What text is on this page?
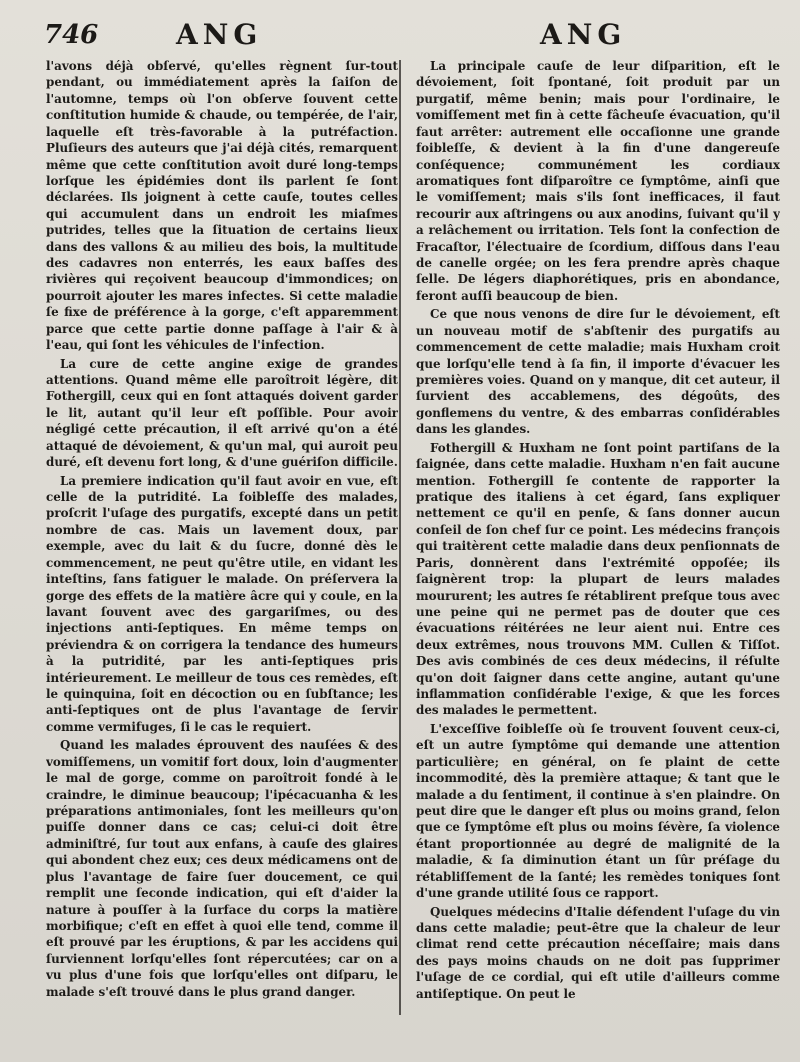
746	ANG	ANG

l'avons déjà obſervé, qu'elles règnent ſur-tout pendant, ou immédiatement après la ſaiſon de l'automne, temps où l'on obſerve ſouvent cette conſtitution humide & chaude, ou tempérée, de l'air, laquelle eſt très-favorable à la putréfaction. Pluſieurs des auteurs que j'ai déjà cités, remarquent même que cette conſtitution avoit duré long-temps lorſque les épidémies dont ils parlent ſe ſont déclarées. Ils joignent à cette cauſe, toutes celles qui accumulent dans un endroit les miaſmes putrides, telles que la ſituation de certains lieux dans des vallons & au milieu des bois, la multitude des cadavres non enterrés, les eaux baſſes des rivières qui reçoivent beaucoup d'immondices; on pourroit ajouter les mares infectes. Si cette maladie ſe fixe de préférence à la gorge, c'eſt apparemment parce que cette partie donne paſſage à l'air & à l'eau, qui ſont les véhicules de l'infection.

La cure de cette angine exige de grandes attentions. Quand même elle paroîtroit légère, dit Fothergill, ceux qui en ſont attaqués doivent garder le lit, autant qu'il leur eſt poſſible. Pour avoir négligé cette précaution, il eſt arrivé qu'on a été attaqué de dévoiement, & qu'un mal, qui auroit peu duré, eſt devenu fort long, & d'une guériſon difficile.

La premiere indication qu'il faut avoir en vue, eſt celle de la putridité. La foibleſſe des malades, proſcrit l'uſage des purgatifs, excepté dans un petit nombre de cas. Mais un lavement doux, par exemple, avec du lait & du ſucre, donné dès le commencement, ne peut qu'être utile, en vidant les inteſtins, ſans fatiguer le malade. On préſervera la gorge des effets de la matière âcre qui y coule, en la lavant ſouvent avec des gargariſmes, ou des injections anti-ſeptiques. En même temps on préviendra & on corrigera la tendance des humeurs à la putridité, par les anti-ſeptiques pris intérieurement. Le meilleur de tous ces remèdes, eſt le quinquina, ſoit en décoction ou en ſubſtance; les anti-ſeptiques ont de plus l'avantage de ſervir comme vermifuges, ſi le cas le requiert.

Quand les malades éprouvent des nauſées & des vomiſſemens, un vomitif fort doux, loin d'augmenter le mal de gorge, comme on paroîtroit fondé à le craindre, le diminue beaucoup; l'ipécacuanha & les préparations antimoniales, ſont les meilleurs qu'on puiſſe donner dans ce cas; celui-ci doit être adminiſtré, ſur tout aux enfans, à cauſe des glaires qui abondent chez eux; ces deux médicamens ont de plus l'avantage de faire ſuer doucement, ce qui remplit une ſeconde indication, qui eſt d'aider la nature à pouſſer à la ſurface du corps la matière morbifique; c'eſt en effet à quoi elle tend, comme il eſt prouvé par les éruptions, & par les accidens qui ſurviennent lorſqu'elles ſont répercutées; car on a vu plus d'une fois que lorſqu'elles ont diſparu, le malade s'eſt trouvé dans le plus grand danger.

La principale cauſe de leur diſparition, eſt le dévoiement, ſoit ſpontané, ſoit produit par un purgatif, même benin; mais pour l'ordinaire, le vomiſſement met fin à cette fâcheuſe évacuation, qu'il faut arrêter: autrement elle occaſionne une grande foibleſſe, & devient à la fin d'une dangereuſe conſéquence; communément les cordiaux aromatiques font diſparoître ce ſymptôme, ainſi que le vomiſſement; mais s'ils ſont inefficaces, il faut recourir aux aſtringens ou aux anodins, ſuivant qu'il y a relâchement ou irritation. Tels ſont la confection de Fracaſtor, l'électuaire de ſcordium, diſſous dans l'eau de canelle orgée; on les fera prendre après chaque ſelle. De légers diaphorétiques, pris en abondance, feront auſſi beaucoup de bien.

Ce que nous venons de dire ſur le dévoiement, eſt un nouveau motif de s'abſtenir des purgatifs au commencement de cette maladie; mais Huxham croit que lorſqu'elle tend à ſa fin, il importe d'évacuer les premières voies. Quand on y manque, dit cet auteur, il ſurvient des accablemens, des dégoûts, des gonflemens du ventre, & des embarras conſidérables dans les glandes.

Fothergill & Huxham ne ſont point partiſans de la ſaignée, dans cette maladie. Huxham n'en fait aucune mention. Fothergill ſe contente de rapporter la pratique des italiens à cet égard, ſans expliquer nettement ce qu'il en penſe, & ſans donner aucun conſeil de ſon chef ſur ce point. Les médecins françois qui traitèrent cette maladie dans deux penſionnats de Paris, donnèrent dans l'extrémité oppoſée; ils ſaignèrent trop: la plupart de leurs malades moururent; les autres ſe rétablirent preſque tous avec une peine qui ne permet pas de douter que ces évacuations réitérées ne leur aient nui. Entre ces deux extrêmes, nous trouvons MM. Cullen & Tiſſot. Des avis combinés de ces deux médecins, il réſulte qu'on doit ſaigner dans cette angine, autant qu'une inflammation conſidérable l'exige, & que les forces des malades le permettent.

L'exceſſive foibleſſe où ſe trouvent ſouvent ceux-ci, eſt un autre ſymptôme qui demande une attention particulière; en général, on ſe plaint de cette incommodité, dès la première attaque; & tant que le malade a du ſentiment, il continue à s'en plaindre. On peut dire que le danger eſt plus ou moins grand, ſelon que ce ſymptôme eſt plus ou moins ſévère, ſa violence étant proportionnée au degré de malignité de la maladie, & ſa diminution étant un ſûr préſage du rétabliſſement de la ſanté; les remèdes toniques ſont d'une grande utilité ſous ce rapport.

Quelques médecins d'Italie défendent l'uſage du vin dans cette maladie; peut-être que la chaleur de leur climat rend cette précaution néceſſaire; mais dans des pays moins chauds on ne doit pas ſupprimer l'uſage de ce cordial, qui eſt utile d'ailleurs comme antiſeptique. On peut le
